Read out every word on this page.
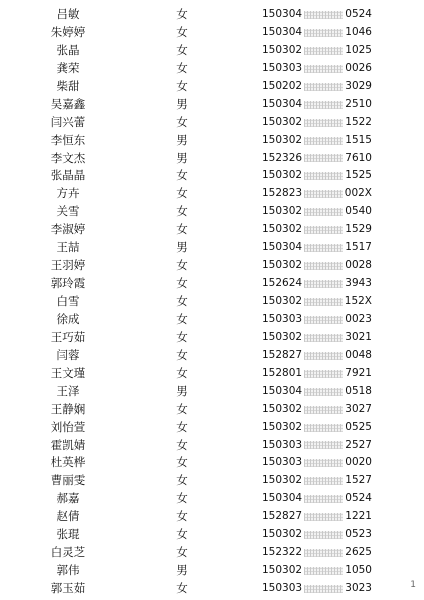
吕敏	女	150304	0524
朱婷婷	女	150304	1046
张晶	女	150302	1025
龚荣	女	150303	0026
柴甜	女	150202	3029
吴嘉鑫	男	150304	2510
闫兴蕾	女	150302	1522
李恒东	男	150302	1515
李文杰	男	152326	7610
张晶晶	女	150302	1525
方卉	女	152823	002X
关雪	女	150302	0540
李淑婷	女	150302	1529
王喆	男	150304	1517
王羽婷	女	150302	0028
郭玲霞	女	152624	3943
白雪	女	150302	152X
徐成	女	150303	0023
王巧茹	女	150302	3021
闫蓉	女	152827	0048
王文瑾	女	152801	7921
王泽	男	150304	0518
王静娴	女	150302	3027
刘怡萱	女	150302	0525
霍凯婧	女	150303	2527
杜英桦	女	150303	0020
曹丽雯	女	150302	1527
郝嘉	女	150304	0524
赵倩	女	152827	1221
张琨	女	150302	0523
白灵芝	女	152322	2625
郭伟	男	150302	1050
郭玉茹	女	150303	3023	1
